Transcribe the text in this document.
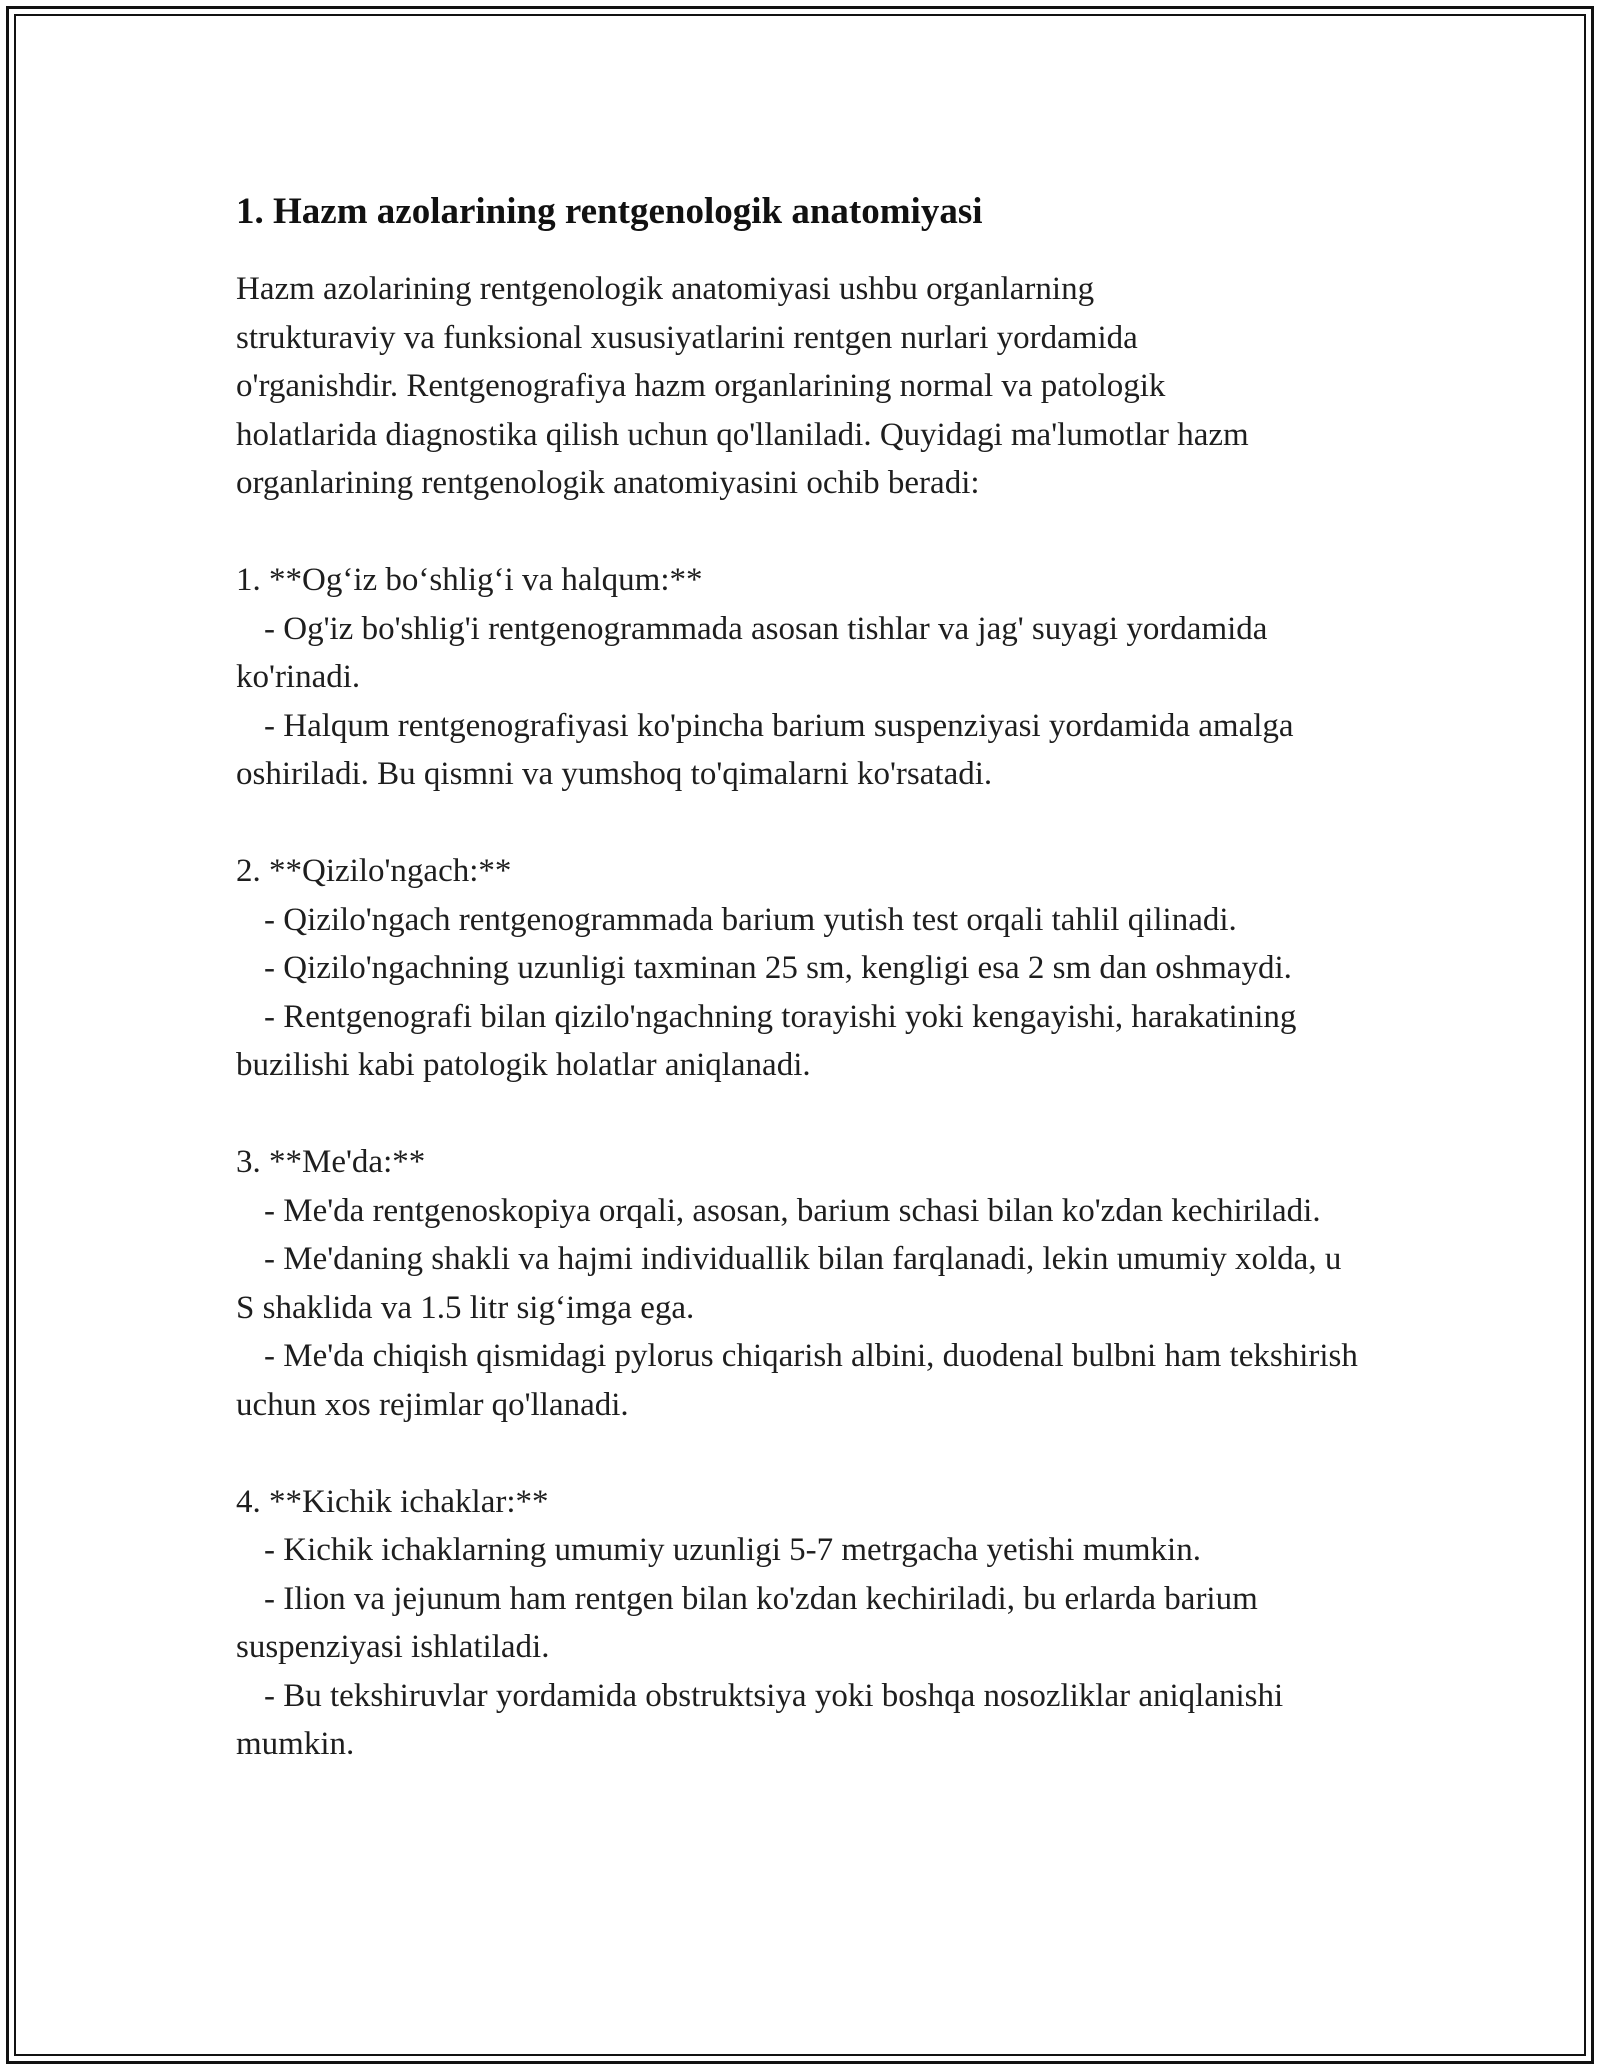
1. Hazm azolarining rentgenologik anatomiyasi

Hazm azolarining rentgenologik anatomiyasi ushbu organlarning
strukturaviy va funksional xususiyatlarini rentgen nurlari yordamida
o'rganishdir. Rentgenografiya hazm organlarining normal va patologik
holatlarida diagnostika qilish uchun qo'llaniladi. Quyidagi ma'lumotlar hazm
organlarining rentgenologik anatomiyasini ochib beradi:

1. **Og‘iz bo‘shlig‘i va halqum:**
- Og'iz bo'shlig'i rentgenogrammada asosan tishlar va jag' suyagi yordamida ko'rinadi.
- Halqum rentgenografiyasi ko'pincha barium suspenziyasi yordamida amalga oshiriladi. Bu qismni va yumshoq to'qimalarni ko'rsatadi.
2. **Qizilo'ngach:**
- Qizilo'ngach rentgenogrammada barium yutish test orqali tahlil qilinadi.
- Qizilo'ngachning uzunligi taxminan 25 sm, kengligi esa 2 sm dan oshmaydi.
- Rentgenografi bilan qizilo'ngachning torayishi yoki kengayishi, harakatining buzilishi kabi patologik holatlar aniqlanadi.
3. **Me'da:**
- Me'da rentgenoskopiya orqali, asosan, barium schasi bilan ko'zdan kechiriladi.
- Me'daning shakli va hajmi individuallik bilan farqlanadi, lekin umumiy xolda, u S shaklida va 1.5 litr sig‘imga ega.
- Me'da chiqish qismidagi pylorus chiqarish albini, duodenal bulbni ham tekshirish uchun xos rejimlar qo'llanadi.
4. **Kichik ichaklar:**
- Kichik ichaklarning umumiy uzunligi 5-7 metrgacha yetishi mumkin.
- Ilion va jejunum ham rentgen bilan ko'zdan kechiriladi, bu erlarda barium suspenziyasi ishlatiladi.
- Bu tekshiruvlar yordamida obstruktsiya yoki boshqa nosozliklar aniqlanishi mumkin.
